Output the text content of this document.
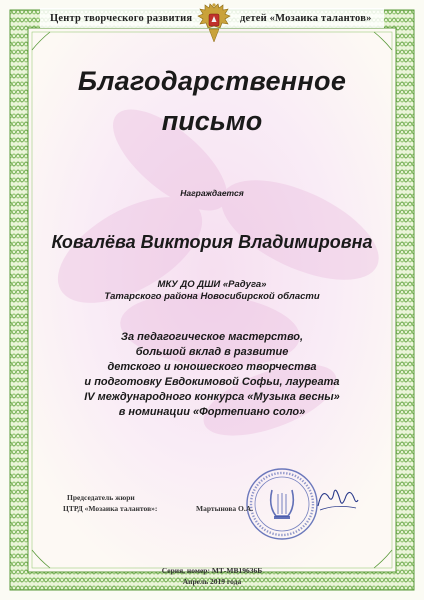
Центр творческого развития	детей «Мозаика талантов»
Благодарственное
письмо
Награждается
Ковалёва Виктория Владимировна
МКУ ДО ДШИ «Радуга»
Татарского района Новосибирской области
За педагогическое мастерство,
большой вклад в развитие
детского и юношеского творчества
и подготовку Евдокимовой Софьи, лауреата
IV международного конкурса «Музыка весны»
в номинации «Фортепиано соло»
Председатель жюри
ЦТРД «Мозаика талантов»:	Мартынова О.А.
Серия, номер: МТ-МВ19636Б
Апрель 2019 года
